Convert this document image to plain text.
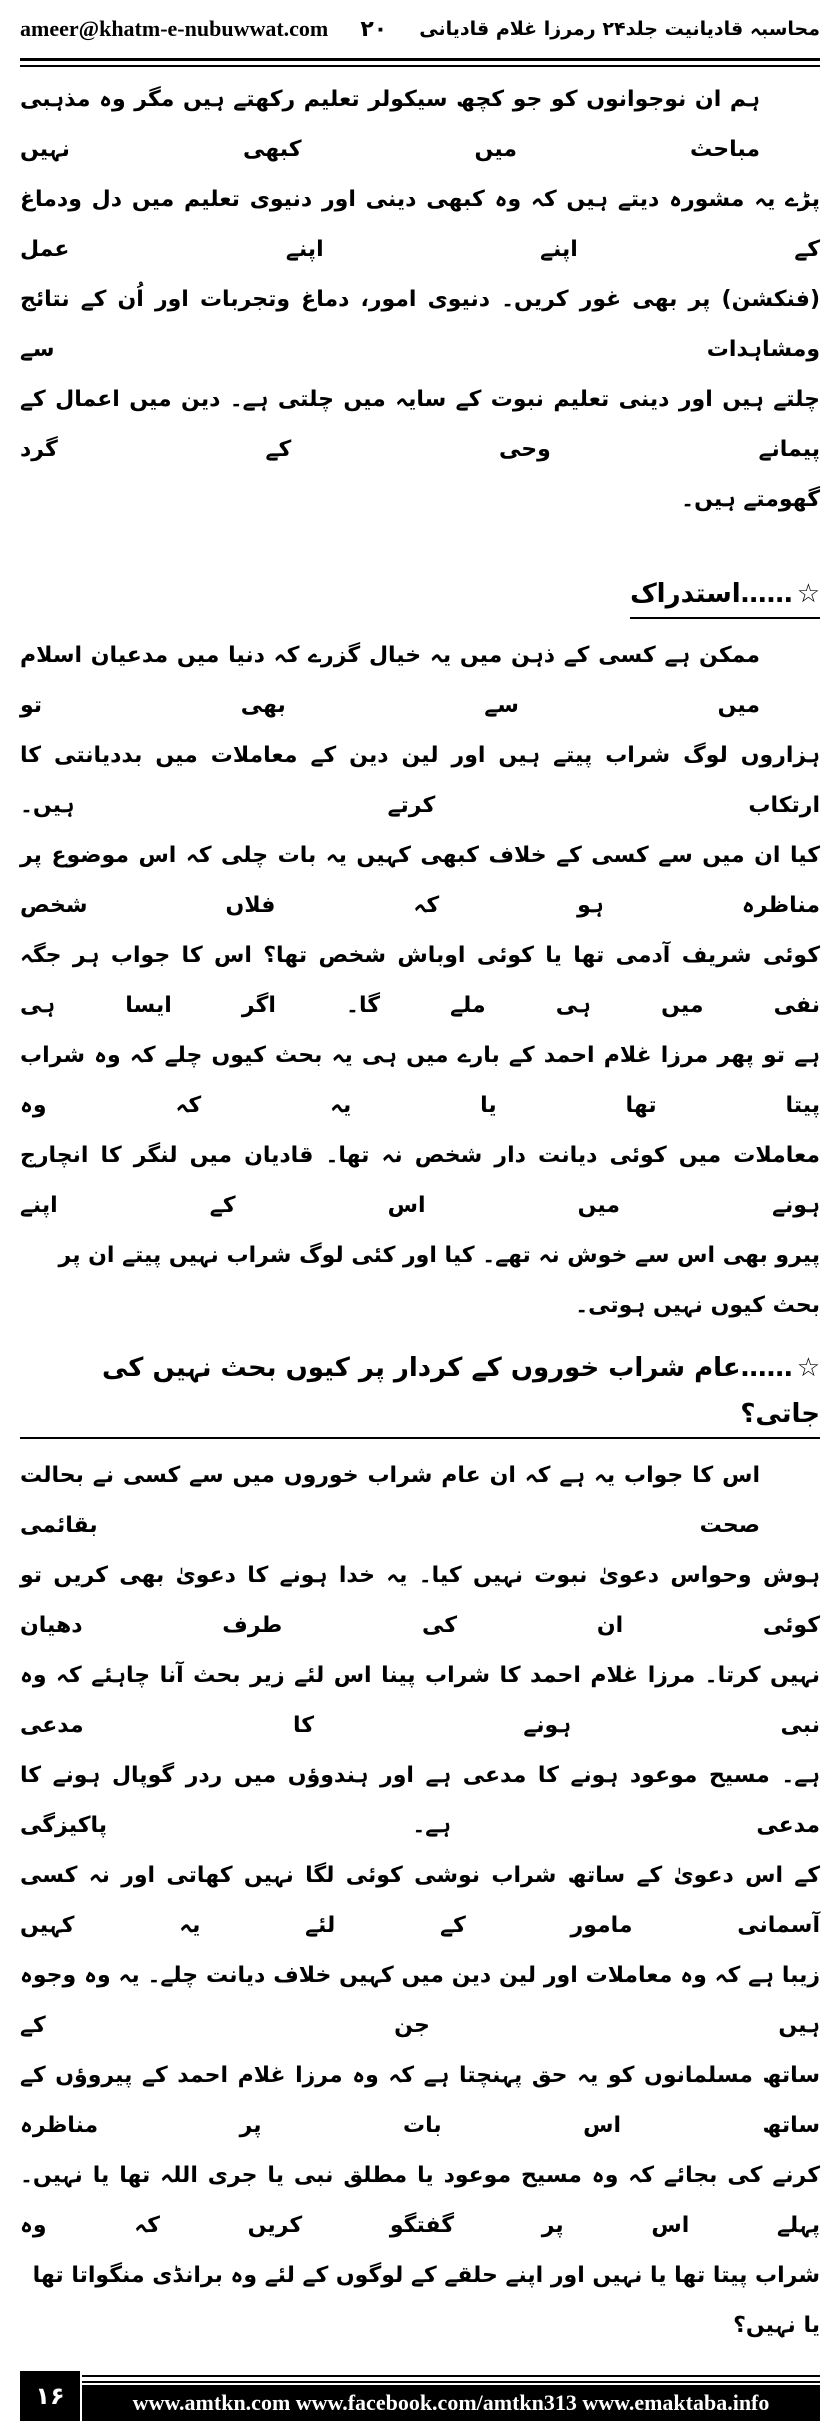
ameer@khatm-e-nubuwwat.com ۲۰ محاسبہ قادیانیت جلد۲۴ رمرزا غلام قادیانی
ہم ان نوجوانوں کو جو کچھ سیکولر تعلیم رکھتے ہیں مگر وہ مذہبی مباحث میں کبھی نہیں
پڑے یہ مشورہ دیتے ہیں کہ وہ کبھی دینی اور دنیوی تعلیم میں دل ودماغ کے اپنے اپنے عمل
(فنکشن) پر بھی غور کریں۔ دنیوی امور، دماغ وتجربات اور اُن کے نتائج ومشاہدات سے
چلتے ہیں اور دینی تعلیم نبوت کے سایہ میں چلتی ہے۔ دین میں اعمال کے پیمانے وحی کے گرد
گھومتے ہیں۔
☆……استدراک
ممکن ہے کسی کے ذہن میں یہ خیال گزرے کہ دنیا میں مدعیان اسلام میں سے بھی تو
ہزاروں لوگ شراب پیتے ہیں اور لین دین کے معاملات میں بددیانتی کا ارتکاب کرتے ہیں۔
کیا ان میں سے کسی کے خلاف کبھی کہیں یہ بات چلی کہ اس موضوع پر مناظرہ ہو کہ فلاں شخص
کوئی شریف آدمی تھا یا کوئی اوباش شخص تھا؟ اس کا جواب ہر جگہ نفی میں ہی ملے گا۔ اگر ایسا ہی
ہے تو پھر مرزا غلام احمد کے بارے میں ہی یہ بحث کیوں چلے کہ وہ شراب پیتا تھا یا یہ کہ وہ
معاملات میں کوئی دیانت دار شخص نہ تھا۔ قادیان میں لنگر کا انچارج ہونے میں اس کے اپنے
پیرو بھی اس سے خوش نہ تھے۔ کیا اور کئی لوگ شراب نہیں پیتے ان پر بحث کیوں نہیں ہوتی۔
☆……عام شراب خوروں کے کردار پر کیوں بحث نہیں کی جاتی؟
اس کا جواب یہ ہے کہ ان عام شراب خوروں میں سے کسی نے بحالت صحت بقائمی
ہوش وحواس دعویٰ نبوت نہیں کیا۔ یہ خدا ہونے کا دعویٰ بھی کریں تو کوئی ان کی طرف دھیان
نہیں کرتا۔ مرزا غلام احمد کا شراب پینا اس لئے زیر بحث آنا چاہئے کہ وہ نبی ہونے کا مدعی
ہے۔ مسیح موعود ہونے کا مدعی ہے اور ہندوؤں میں ردر گوپال ہونے کا مدعی ہے۔ پاکیزگی
کے اس دعویٰ کے ساتھ شراب نوشی کوئی لگا نہیں کھاتی اور نہ کسی آسمانی مامور کے لئے یہ کہیں
زیبا ہے کہ وہ معاملات اور لین دین میں کہیں خلاف دیانت چلے۔ یہ وہ وجوہ ہیں جن کے
ساتھ مسلمانوں کو یہ حق پہنچتا ہے کہ وہ مرزا غلام احمد کے پیروؤں کے ساتھ اس بات پر مناظرہ
کرنے کی بجائے کہ وہ مسیح موعود یا مطلق نبی یا جری اللہ تھا یا نہیں۔ پہلے اس پر گفتگو کریں کہ وہ
شراب پیتا تھا یا نہیں اور اپنے حلقے کے لوگوں کے لئے وہ برانڈی منگواتا تھا یا نہیں؟
۱۶	www.amtkn.com www.facebook.com/amtkn313 www.emaktaba.info
